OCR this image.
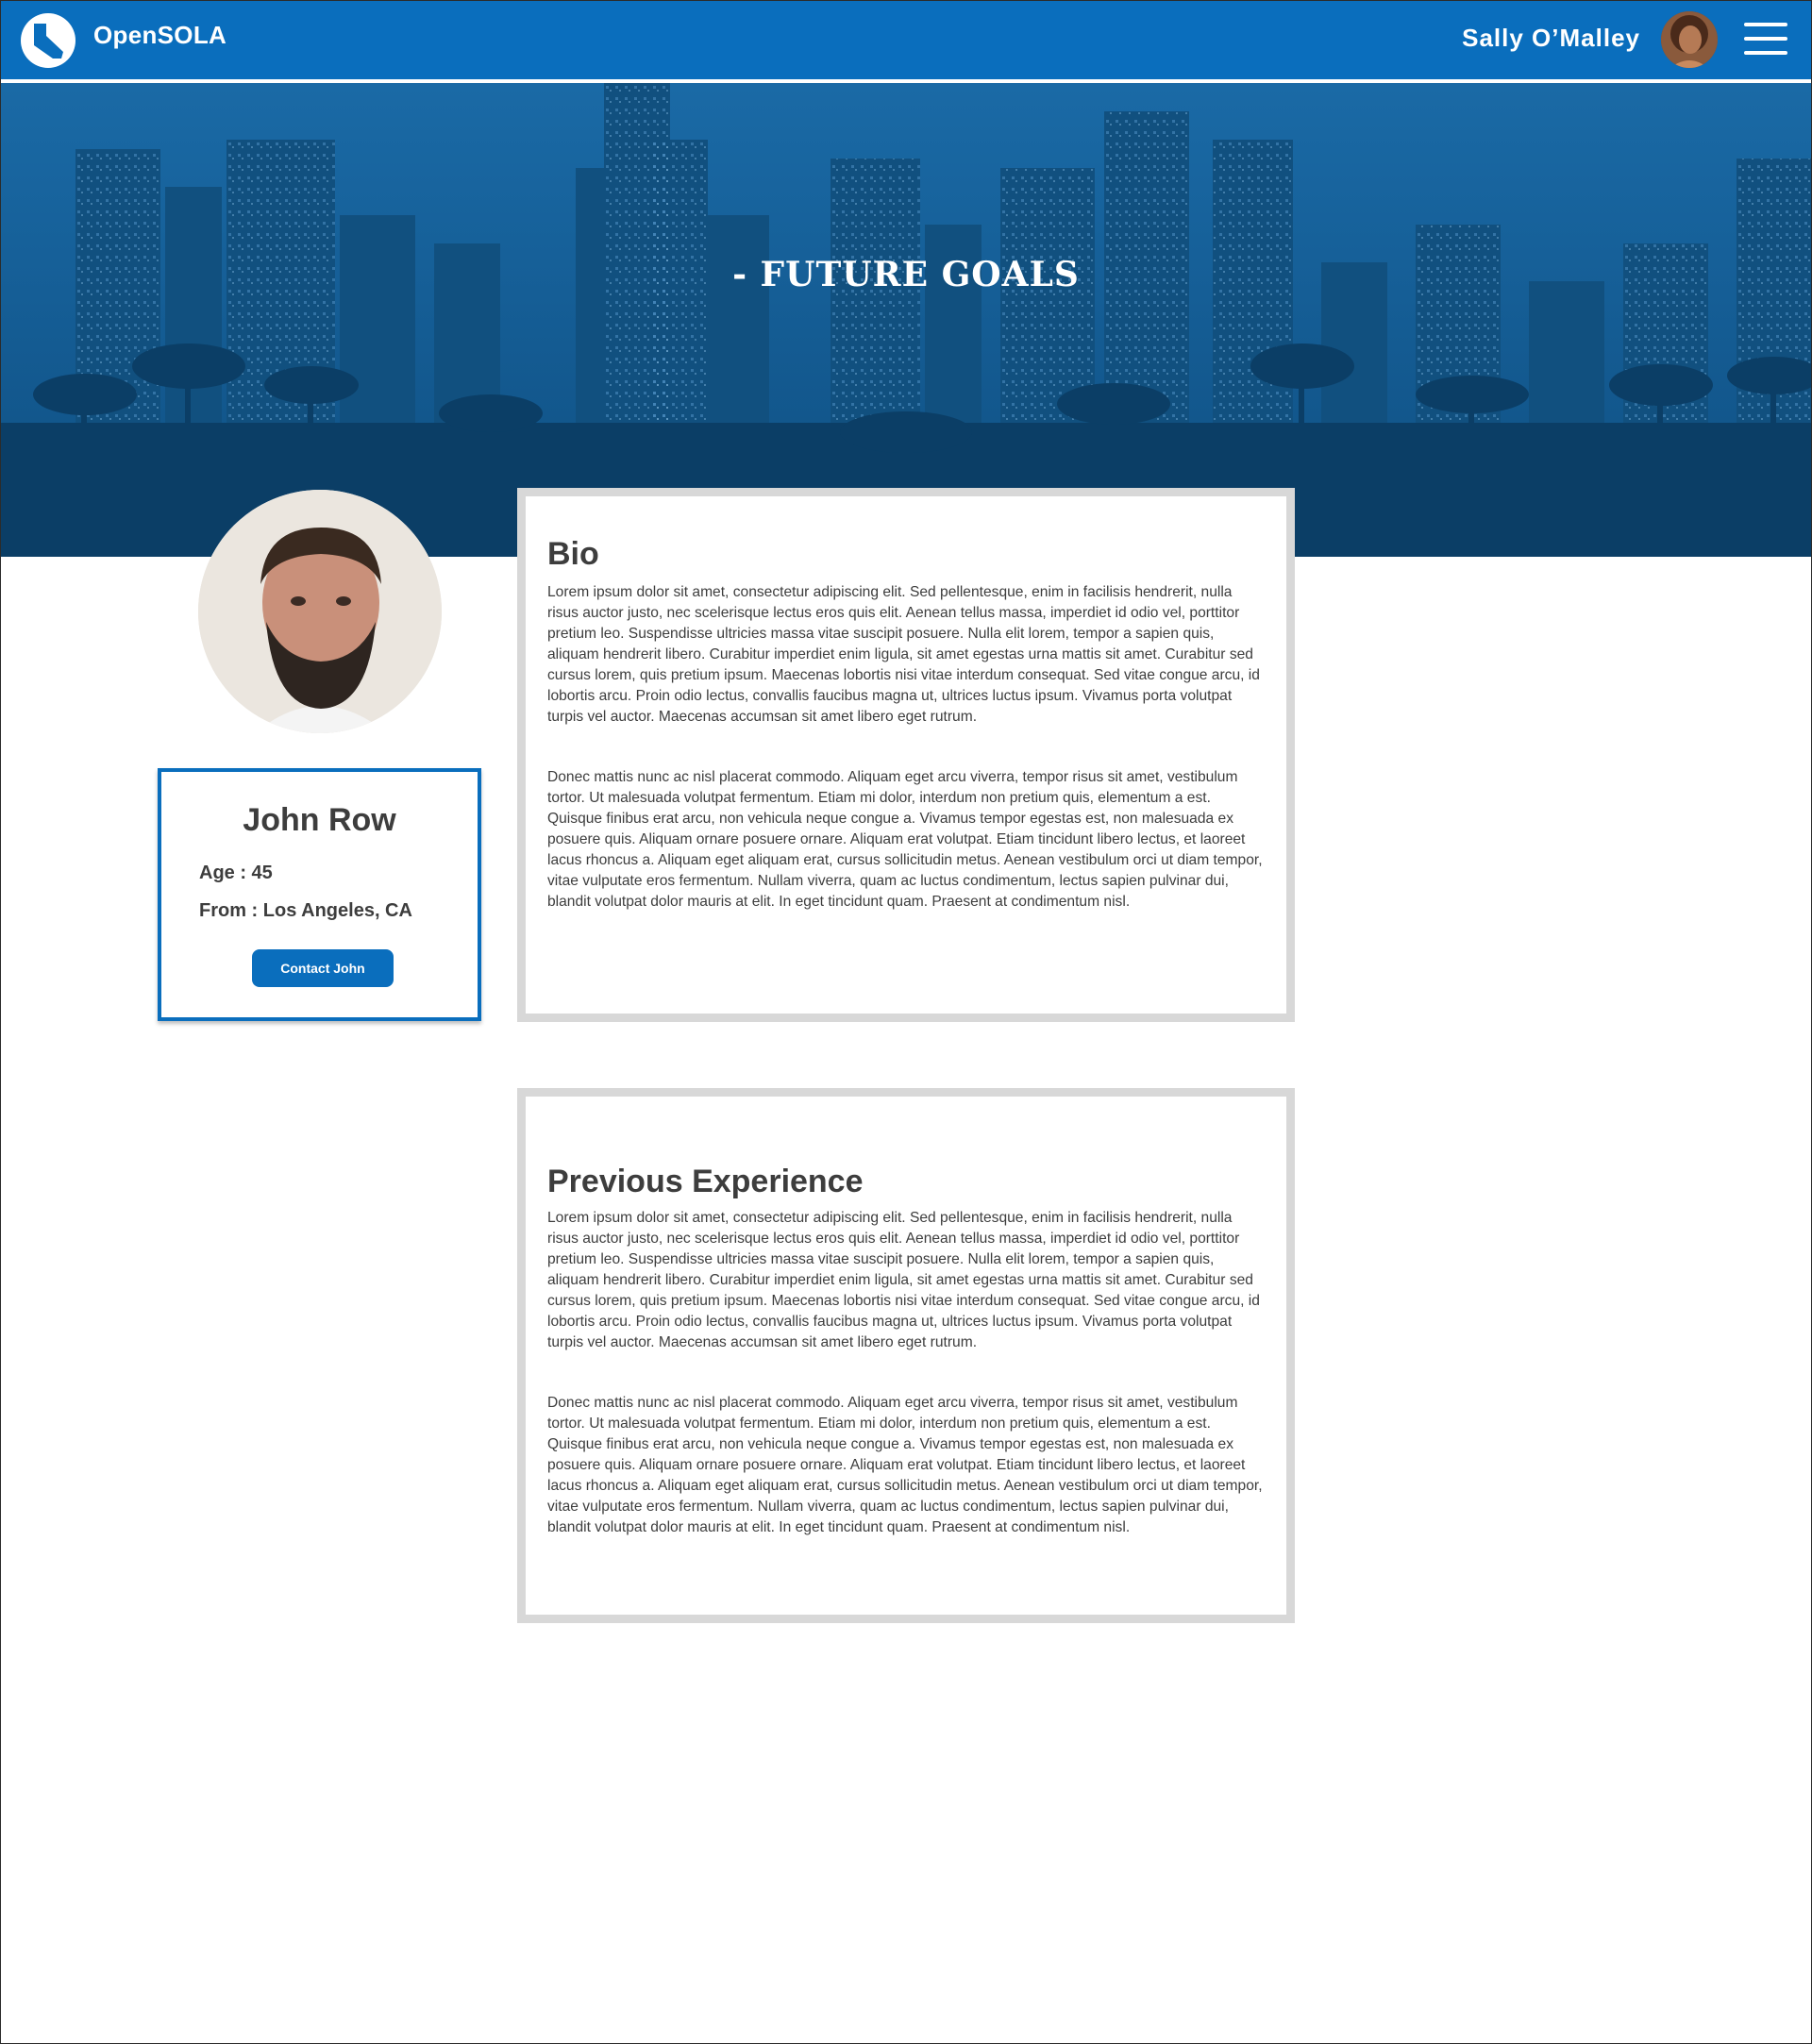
OpenSOLA	Sally O’Malley
- FUTURE GOALS
John Row
Age : 45
From : Los Angeles, CA
Contact John
Bio

Lorem ipsum dolor sit amet, consectetur adipiscing elit. Sed pellentesque, enim in facilisis hendrerit, nulla risus auctor justo, nec scelerisque lectus eros quis elit. Aenean tellus massa, imperdiet id odio vel, porttitor pretium leo. Suspendisse ultricies massa vitae suscipit posuere. Nulla elit lorem, tempor a sapien quis, aliquam hendrerit libero. Curabitur imperdiet enim ligula, sit amet egestas urna mattis sit amet. Curabitur sed cursus lorem, quis pretium ipsum. Maecenas lobortis nisi vitae interdum consequat. Sed vitae congue arcu, id lobortis arcu. Proin odio lectus, convallis faucibus magna ut, ultrices luctus ipsum. Vivamus porta volutpat turpis vel auctor. Maecenas accumsan sit amet libero eget rutrum.

Donec mattis nunc ac nisl placerat commodo. Aliquam eget arcu viverra, tempor risus sit amet, vestibulum tortor. Ut malesuada volutpat fermentum. Etiam mi dolor, interdum non pretium quis, elementum a est. Quisque finibus erat arcu, non vehicula neque congue a. Vivamus tempor egestas est, non malesuada ex posuere quis. Aliquam ornare posuere ornare. Aliquam erat volutpat. Etiam tincidunt libero lectus, et laoreet lacus rhoncus a. Aliquam eget aliquam erat, cursus sollicitudin metus. Aenean vestibulum orci ut diam tempor, vitae vulputate eros fermentum. Nullam viverra, quam ac luctus condimentum, lectus sapien pulvinar dui, blandit volutpat dolor mauris at elit. In eget tincidunt quam. Praesent at condimentum nisl.

Previous Experience

Lorem ipsum dolor sit amet, consectetur adipiscing elit. Sed pellentesque, enim in facilisis hendrerit, nulla risus auctor justo, nec scelerisque lectus eros quis elit. Aenean tellus massa, imperdiet id odio vel, porttitor pretium leo. Suspendisse ultricies massa vitae suscipit posuere. Nulla elit lorem, tempor a sapien quis, aliquam hendrerit libero. Curabitur imperdiet enim ligula, sit amet egestas urna mattis sit amet. Curabitur sed cursus lorem, quis pretium ipsum. Maecenas lobortis nisi vitae interdum consequat. Sed vitae congue arcu, id lobortis arcu. Proin odio lectus, convallis faucibus magna ut, ultrices luctus ipsum. Vivamus porta volutpat turpis vel auctor. Maecenas accumsan sit amet libero eget rutrum.

Donec mattis nunc ac nisl placerat commodo. Aliquam eget arcu viverra, tempor risus sit amet, vestibulum tortor. Ut malesuada volutpat fermentum. Etiam mi dolor, interdum non pretium quis, elementum a est. Quisque finibus erat arcu, non vehicula neque congue a. Vivamus tempor egestas est, non malesuada ex posuere quis. Aliquam ornare posuere ornare. Aliquam erat volutpat. Etiam tincidunt libero lectus, et laoreet lacus rhoncus a. Aliquam eget aliquam erat, cursus sollicitudin metus. Aenean vestibulum orci ut diam tempor, vitae vulputate eros fermentum. Nullam viverra, quam ac luctus condimentum, lectus sapien pulvinar dui, blandit volutpat dolor mauris at elit. In eget tincidunt quam. Praesent at condimentum nisl.
